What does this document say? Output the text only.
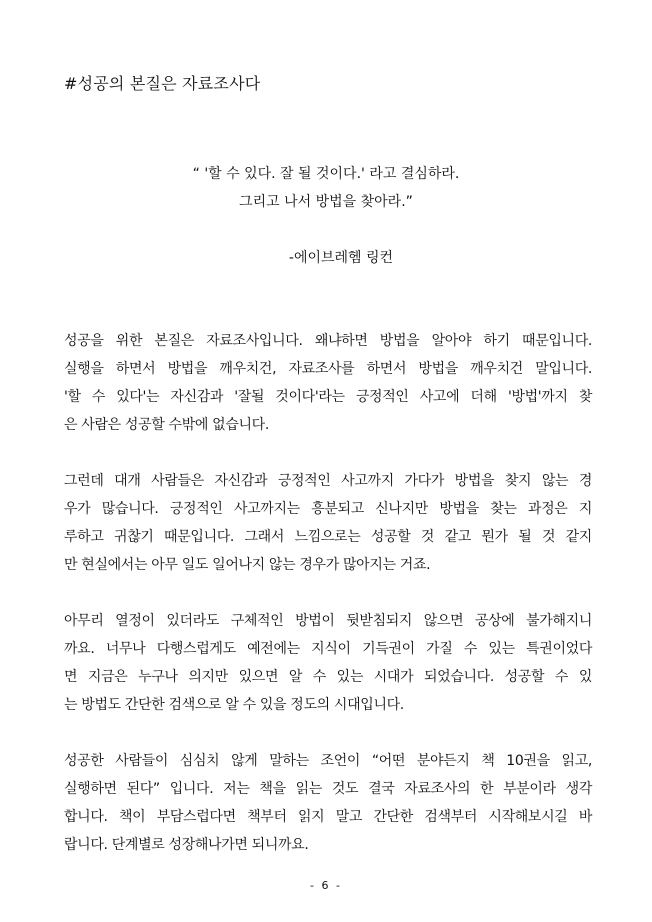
#성공의 본질은 자료조사다
“ '할 수 있다. 잘 될 것이다.' 라고 결심하라.
그리고 나서 방법을 찾아라.”
-에이브레헴 링컨
성공을 위한 본질은 자료조사입니다. 왜냐하면 방법을 알아야 하기 때문입니다.
실행을 하면서 방법을 깨우치건, 자료조사를 하면서 방법을 깨우치건 말입니다.
'할 수 있다'는 자신감과 '잘될 것이다'라는 긍정적인 사고에 더해 '방법'까지 찾
은 사람은 성공할 수밖에 없습니다.
그런데 대개 사람들은 자신감과 긍정적인 사고까지 가다가 방법을 찾지 않는 경
우가 많습니다. 긍정적인 사고까지는 흥분되고 신나지만 방법을 찾는 과정은 지
루하고 귀찮기 때문입니다. 그래서 느낌으로는 성공할 것 같고 뭔가 될 것 같지
만 현실에서는 아무 일도 일어나지 않는 경우가 많아지는 거죠.
아무리 열정이 있더라도 구체적인 방법이 뒷받침되지 않으면 공상에 불가해지니
까요. 너무나 다행스럽게도 예전에는 지식이 기득권이 가질 수 있는 특권이었다
면 지금은 누구나 의지만 있으면 알 수 있는 시대가 되었습니다. 성공할 수 있
는 방법도 간단한 검색으로 알 수 있을 정도의 시대입니다.
성공한 사람들이 심심치 않게 말하는 조언이 “어떤 분야든지 책 10권을 읽고,
실행하면 된다” 입니다. 저는 책을 읽는 것도 결국 자료조사의 한 부분이라 생각
합니다. 책이 부담스럽다면 책부터 읽지 말고 간단한 검색부터 시작해보시길 바
랍니다. 단계별로 성장해나가면 되니까요.
- 6 -
